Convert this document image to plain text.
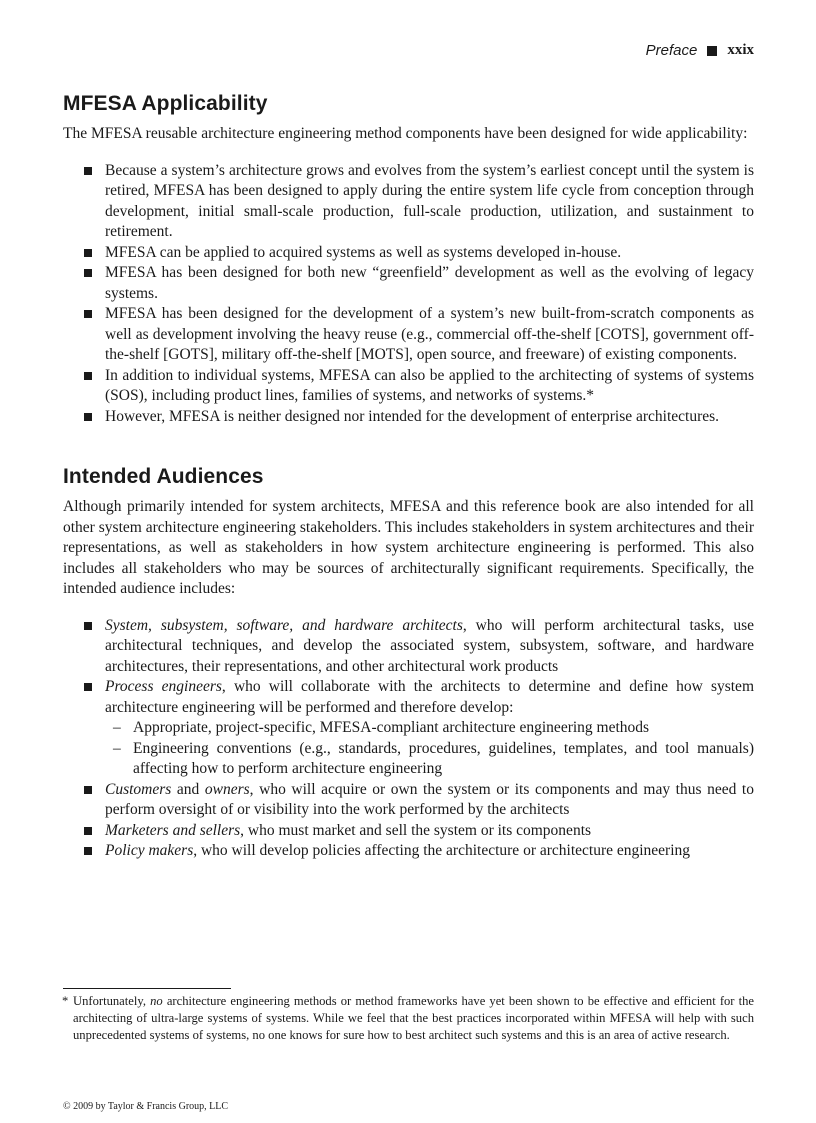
Preface xxix
MFESA Applicability

The MFESA reusable architecture engineering method components have been designed for wide applicability:

Because a system’s architecture grows and evolves from the system’s earliest concept until the system is retired, MFESA has been designed to apply during the entire system life cycle from conception through development, initial small-scale production, full-scale production, utilization, and sustainment to retirement.
MFESA can be applied to acquired systems as well as systems developed in-house.
MFESA has been designed for both new “greenfield” development as well as the evolving of legacy systems.
MFESA has been designed for the development of a system’s new built-from-scratch components as well as development involving the heavy reuse (e.g., commercial off-the-shelf [COTS], government off-the-shelf [GOTS], military off-the-shelf [MOTS], open source, and freeware) of existing components.
In addition to individual systems, MFESA can also be applied to the architecting of systems of systems (SOS), including product lines, families of systems, and networks of systems.*
However, MFESA is neither designed nor intended for the development of enterprise architectures.
Intended Audiences

Although primarily intended for system architects, MFESA and this reference book are also intended for all other system architecture engineering stakeholders. This includes stakeholders in system architectures and their representations, as well as stakeholders in how system architecture engineering is performed. This also includes all stakeholders who may be sources of architecturally significant requirements. Specifically, the intended audience includes:

System, subsystem, software, and hardware architects, who will perform architectural tasks, use architectural techniques, and develop the associated system, subsystem, software, and hardware architectures, their representations, and other architectural work products
Process engineers, who will collaborate with the architects to determine and define how system architecture engineering will be performed and therefore develop:
– Appropriate, project-specific, MFESA-compliant architecture engineering methods
– Engineering conventions (e.g., standards, procedures, guidelines, templates, and tool manuals) affecting how to perform architecture engineering
Customers and owners, who will acquire or own the system or its components and may thus need to perform oversight of or visibility into the work performed by the architects
Marketers and sellers, who must market and sell the system or its components
Policy makers, who will develop policies affecting the architecture or architecture engineering
* Unfortunately, no architecture engineering methods or method frameworks have yet been shown to be effective and efficient for the architecting of ultra-large systems of systems. While we feel that the best practices incorporated within MFESA will help with such unprecedented systems of systems, no one knows for sure how to best architect such systems and this is an area of active research.
© 2009 by Taylor & Francis Group, LLC
